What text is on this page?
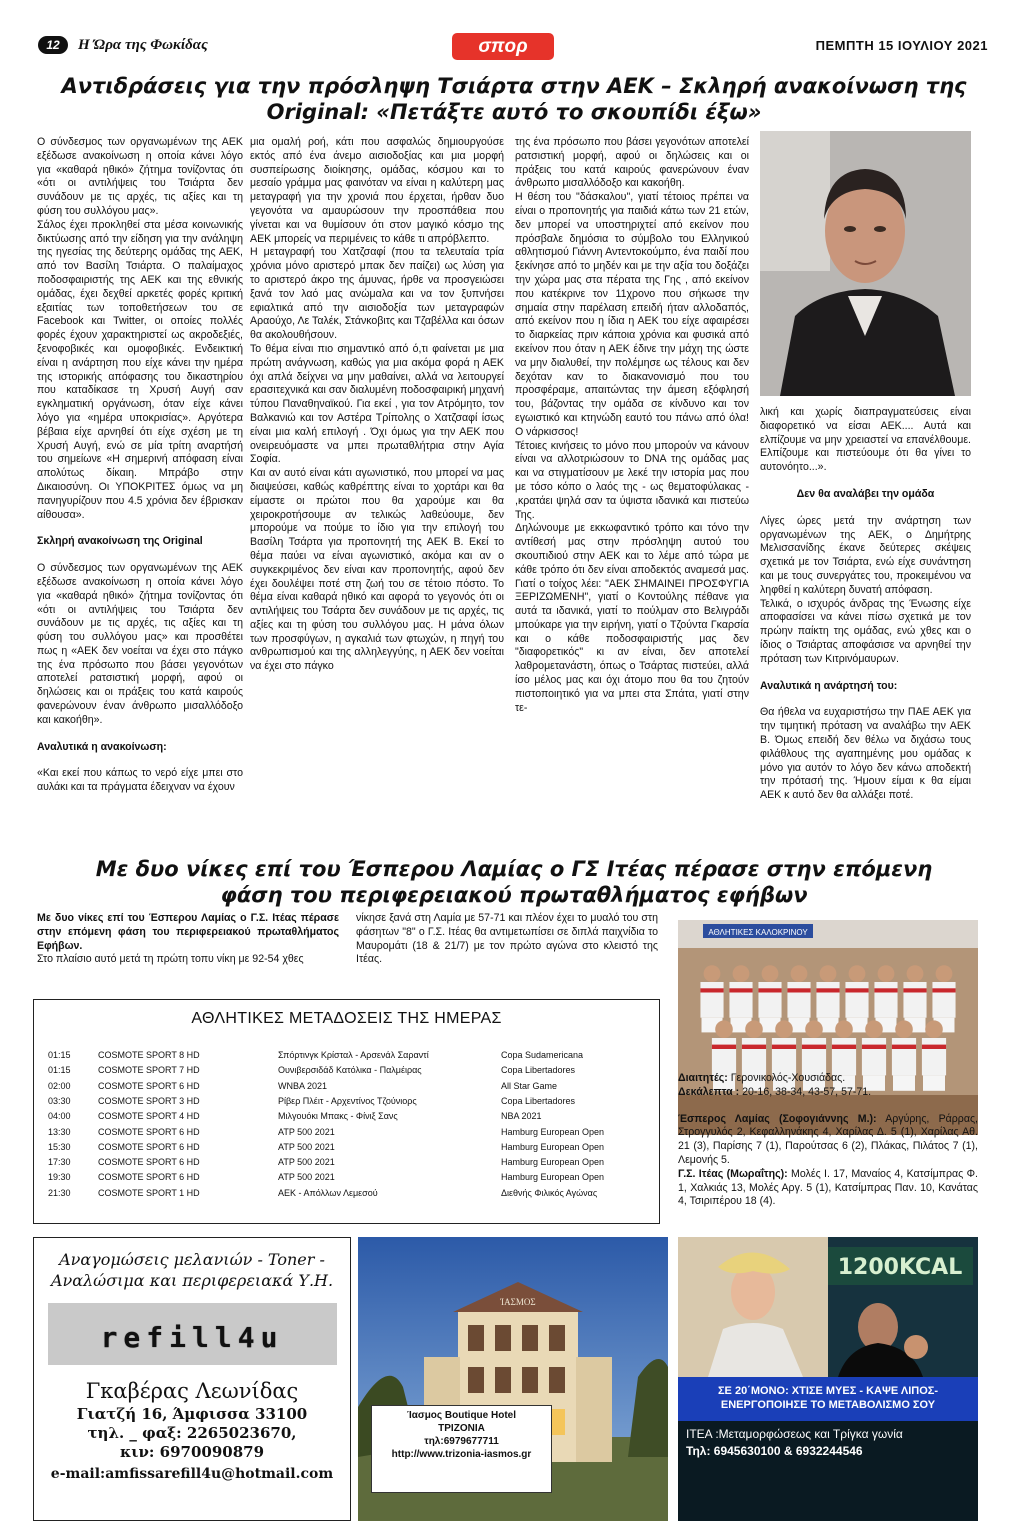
12	Η Ώρα της Φωκίδας	σπορ	ΠΕΜΠΤΗ 15 ΙΟΥΛΙΟΥ 2021
Αντιδράσεις για την πρόσληψη Τσιάρτα στην ΑΕΚ – Σκληρή ανακοίνωση της
Original: «Πετάξτε αυτό το σκουπίδι έξω»

Ο σύνδεσμος των οργανωμένων της ΑΕΚ εξέδωσε ανακοίνωση η οποία κάνει λόγο για «καθαρά ηθικό» ζήτημα τονίζοντας ότι «ότι οι αντιλήψεις του Τσιάρτα δεν συνάδουν με τις αρχές, τις αξίες και τη φύση του συλλόγου μας».

Σάλος έχει προκληθεί στα μέσα κοινωνικής δικτύωσης από την είδηση για την ανάληψη της ηγεσίας της δεύτερης ομάδας της ΑΕΚ, από τον Βασίλη Τσιάρτα. Ο παλαίμαχος ποδοσφαιριστής της ΑΕΚ και της εθνικής ομάδας, έχει δεχθεί αρκετές φορές κριτική εξαιτίας των τοποθετήσεων του σε Facebook και Twitter, οι οποίες πολλές φορές έχουν χαρακτηριστεί ως ακροδεξιές, ξενοφοβικές και ομοφοβικές. Ενδεικτική είναι η ανάρτηση που είχε κάνει την ημέρα της ιστορικής απόφασης του δικαστηρίου που καταδίκασε τη Χρυσή Αυγή σαν εγκληματική οργάνωση, όταν είχε κάνει λόγο για «ημέρα υποκρισίας». Αργότερα βέβαια είχε αρνηθεί ότι είχε σχέση με τη Χρυσή Αυγή, ενώ σε μία τρίτη αναρτήσή του σημείωνε «Η σημερινή απόφαση είναι απολύτως δίκαιη. Μπράβο στην Δικαιοσύνη. Οι ΥΠΟΚΡΙΤΕΣ όμως να μη πανηγυρίζουν που 4.5 χρόνια δεν έβρισκαν αίθουσα».

Σκληρή ανακοίνωση της Original

Ο σύνδεσμος των οργανωμένων της ΑΕΚ εξέδωσε ανακοίνωση η οποία κάνει λόγο για «καθαρά ηθικό» ζήτημα τονίζοντας ότι «ότι οι αντιλήψεις του Τσιάρτα δεν συνάδουν με τις αρχές, τις αξίες και τη φύση του συλλόγου μας» και προσθέτει πως η «ΑΕΚ δεν νοείται να έχει στο πάγκο της ένα πρόσωπο που βάσει γεγονότων αποτελεί ρατσιστική μορφή, αφού οι δηλώσεις και οι πράξεις του κατά καιρούς φανερώνουν έναν άνθρωπο μισαλλόδοξο και κακοήθη».

Αναλυτικά η ανακοίνωση:

«Και εκεί που κάπως το νερό είχε μπει στο αυλάκι και τα πράγματα έδειχναν να έχουν

μια ομαλή ροή, κάτι που ασφαλώς δημιουργούσε εκτός από ένα άνεμο αισιοδοξίας και μια μορφή συσπείρωσης διοίκησης, ομάδας, κόσμου και το μεσαίο γράμμα μας φαινόταν να είναι η καλύτερη μας μεταγραφή για την χρονιά που έρχεται, ήρθαν δυο γεγονότα να αμαυρώσουν την προσπάθεια που γίνεται και να θυμίσουν ότι στον μαγικό κόσμο της ΑΕΚ μπορείς να περιμένεις το κάθε τι απρόβλεπτο.

Η μεταγραφή του Χατζσαφί (που τα τελευταία τρία χρόνια μόνο αριστερό μπακ δεν παίζει) ως λύση για το αριστερό άκρο της άμυνας, ήρθε να προσγειώσει ξανά τον λαό μας ανώμαλα και να τον ξυπνήσει εφιαλτικά από την αισιοδοξία των μεταγραφών Αραούχο, Λε Ταλέκ, Στάνκοβιτς και Τζαβέλλα και όσων θα ακολουθήσουν.

Το θέμα είναι πιο σημαντικό από ό,τι φαίνεται με μια πρώτη ανάγνωση, καθώς για μια ακόμα φορά η ΑΕΚ όχι απλά δείχνει να μην μαθαίνει, αλλά να λειτουργεί ερασιτεχνικά και σαν διαλυμένη ποδοσφαιρική μηχανή τύπου Παναθηναϊκού. Για εκεί , για τον Ατρόμητο, τον Βαλκανιώ και τον Αστέρα Τρίπολης ο Χατζσαφί ίσως είναι μια καλή επιλογή . Όχι όμως για την ΑΕΚ που ονειρευόμαστε να μπει πρωταθλήτρια στην Αγία Σοφία.

Και αν αυτό είναι κάτι αγωνιστικό, που μπορεί να μας διαψεύσει, καθώς καθρέπτης είναι το χορτάρι και θα είμαστε οι πρώτοι που θα χαρούμε και θα χειροκροτήσουμε αν τελικώς λαθεύουμε, δεν μπορούμε να πούμε το ίδιο για την επιλογή του Βασίλη Τσάρτα για προπονητή της ΑΕΚ Β. Εκεί το θέμα παύει να είναι αγωνιστικό, ακόμα και αν ο συγκεκριμένος δεν είναι καν προπονητής, αφού δεν έχει δουλέψει ποτέ στη ζωή του σε τέτοιο πόστο. Το θέμα είναι καθαρά ηθικό και αφορά το γεγονός ότι οι αντιλήψεις του Τσάρτα δεν συνάδουν με τις αρχές, τις αξίες και τη φύση του συλλόγου μας. Η μάνα όλων των προσφύγων, η αγκαλιά των φτωχών, η πηγή του ανθρωπισμού και της αλληλεγγύης, η ΑΕΚ δεν νοείται να έχει στο πάγκο

της ένα πρόσωπο που βάσει γεγονότων αποτελεί ρατσιστική μορφή, αφού οι δηλώσεις και οι πράξεις του κατά καιρούς φανερώνουν έναν άνθρωπο μισαλλόδοξο και κακοήθη.

Η θέση του "δάσκαλου", γιατί τέτοιος πρέπει να είναι ο προπονητής για παιδιά κάτω των 21 ετών, δεν μπορεί να υποστηριχτεί από εκείνον που πρόσβαλε δημόσια το σύμβολο του Ελληνικού αθλητισμού Γιάννη Αντεντοκούμπο, ένα παιδί που ξεκίνησε από το μηδέν και με την αξία του δοξάζει την χώρα μας στα πέρατα της Γης , από εκείνον που κατέκρινε τον 11χρονο που σήκωσε την σημαία στην παρέλαση επειδή ήταν αλλοδαπός, από εκείνον που η ίδια η ΑΕΚ του είχε αφαιρέσει το διαρκείας πριν κάποια χρόνια και φυσικά από εκείνον που όταν η ΑΕΚ έδινε την μάχη της ώστε να μην διαλυθεί, την πολέμησε ως τέλους και δεν δεχόταν καν το διακανονισμό που του προσφέραμε, απαιτώντας την άμεση εξόφλησή του, βάζοντας την ομάδα σε κίνδυνο και τον εγωιστικό και κτηνώδη εαυτό του πάνω από όλα! Ο νάρκισσος!

Τέτοιες κινήσεις το μόνο που μπορούν να κάνουν είναι να αλλοτριώσουν το DNA της ομάδας μας και να στιγματίσουν με λεκέ την ιστορία μας που με τόσο κόπο ο λαός της - ως θεματοφύλακας - ,κρατάει ψηλά σαν τα ύψιστα ιδανικά και πιστεύω Της.

Δηλώνουμε με εκκωφαντικό τρόπο και τόνο την αντίθεσή μας στην πρόσληψη αυτού του σκουπιδιού στην ΑΕΚ και το λέμε από τώρα με κάθε τρόπο ότι δεν είναι αποδεκτός αναμεσά μας. Γιατί ο τοίχος λέει: "ΑΕΚ ΣΗΜΑΙΝΕΙ ΠΡΟΣΦΥΓΙΑ ΞΕΡΙΖΩΜΕΝΗ", γιατί ο Κοντούλης πέθανε για αυτά τα ιδανικά, γιατί το πούλμαν στο Βελιγράδι μπούκαρε για την ειρήνη, γιατί ο Τζούντα Γκαρσία και ο κάθε ποδοσφαιριστής μας δεν "διαφορετικός" κι αν είναι, δεν αποτελεί λαθρομετανάστη, όπως ο Τσάρτας πιστεύει, αλλά ίσο μέλος μας και όχι άτομο που θα του ζητούν πιστοποιητικό για να μπει στα Σπάτα, γιατί στην τε-

λική και χωρίς διαπραγματεύσεις είναι διαφορετικό να είσαι ΑΕΚ.... Αυτά και ελπίζουμε να μην χρειαστεί να επανέλθουμε. Ελπίζουμε και πιστεύουμε ότι θα γίνει το αυτονόητο...».

Δεν θα αναλάβει την ομάδα

Λίγες ώρες μετά την ανάρτηση των οργανωμένων της ΑΕΚ, ο Δημήτρης Μελισσανίδης έκανε δεύτερες σκέψεις σχετικά με τον Τσιάρτα, ενώ είχε συνάντηση και με τους συνεργάτες του, προκειμένου να ληφθεί η καλύτερη δυνατή απόφαση.

Τελικά, ο ισχυρός άνδρας της Ένωσης είχε αποφασίσει να κάνει πίσω σχετικά με τον πρώην παίκτη της ομάδας, ενώ χθες και ο ίδιος ο Τσιάρτας αποφάσισε να αρνηθεί την πρόταση των Κιτρινόμαυρων.

Αναλυτικά η ανάρτησή του:

Θα ήθελα να ευχαριστήσω την ΠΑΕ ΑΕΚ για την τιμητική πρόταση να αναλάβω την ΑΕΚ Β. Όμως επειδή δεν θέλω να διχάσω τους φιλάθλους της αγαπημένης μου ομάδας κ μόνο για αυτόν το λόγο δεν κάνω αποδεκτή την πρότασή της. Ήμουν είμαι κ θα είμαι ΑΕΚ κ αυτό δεν θα αλλάξει ποτέ.

Με δυο νίκες επί του Έσπερου Λαμίας ο ΓΣ Ιτέας πέρασε στην επόμενη
φάση του περιφερειακού πρωταθλήματος εφήβων

Με δυο νίκες επί του Έσπερου Λαμίας ο Γ.Σ. Ιτέας πέρασε στην επόμενη φάση του περιφερειακού πρωταθλήματος Εφήβων.

Στο πλαίσιο αυτό μετά τη πρώτη τοπυ νίκη με 92-54 χθες

νίκησε ξανά στη Λαμία με 57-71 και πλέον έχει το μυαλό του στη φάσητων "8" ο Γ.Σ. Ιτέας θα αντιμετωπίσει σε διπλά παιχνίδια το Μαυρομάτι (18 & 21/7) με τον πρώτο αγώνα στο κλειστό της Ιτέας.

ΑΘΛΗΤΙΚΕΣ ΚΑΛΟΚΡΙΝΟΥ

Διαιτητές: Γερονικολός-Χουσιάδας.

Δεκάλεπτα : 20-16, 38-34, 43-57, 57-71.

Έσπερος Λαμίας (Σοφογιάννης Μ.): Αργύρης, Ράρρας, Στρογγυλός 2, Κεφαλληνάκης 4, Χαρίλας Δ. 5 (1), Χαρίλας Αθ. 21 (3), Παρίσης 7 (1), Παρούτσας 6 (2), Πλάκας, Πιλάτος 7 (1), Λεμονής 5.

Γ.Σ. Ιτέας (Μωραΐτης): Μολές Ι. 17, Μαναίος 4, Κατσίμπρας Φ. 1, Χαλκιάς 13, Μολές Αργ. 5 (1), Κατσίμπρας Παν. 10, Κανάτας 4, Τσιριπέρου 18 (4).

ΑΘΛΗΤΙΚΕΣ ΜΕΤΑΔΟΣΕΙΣ ΤΗΣ ΗΜΕΡΑΣ
01:15	COSMOTE SPORT 8 HD	Σπόρτινγκ Κρίσταλ - Αρσενάλ Σαραντί	Copa Sudamericana
01:15	COSMOTE SPORT 7 HD	Ουνιβερσιδάδ Κατόλικα - Παλμέιρας	Copa Libertadores
02:00	COSMOTE SPORT 6 HD	WNBA 2021	All Star Game
03:30	COSMOTE SPORT 3 HD	Ρίβερ Πλέιτ - Αρχεντίνος Τζούνιορς	Copa Libertadores
04:00	COSMOTE SPORT 4 HD	Μιλγουόκι Μπακς - Φίνιξ Σανς	NBA 2021
13:30	COSMOTE SPORT 6 HD	ATP 500 2021	Hamburg European Open
15:30	COSMOTE SPORT 6 HD	ATP 500 2021	Hamburg European Open
17:30	COSMOTE SPORT 6 HD	ATP 500 2021	Hamburg European Open
19:30	COSMOTE SPORT 6 HD	ATP 500 2021	Hamburg European Open
21:30	COSMOTE SPORT 1 HD	ΑΕΚ - Απόλλων Λεμεσού	Διεθνής Φιλικός Αγώνας
Αναγομώσεις μελανιών - Toner -
Αναλώσιμα και περιφερειακά Υ.Η.
refill4u
Γκαβέρας Λεωνίδας
Γιατζή 16, Άμφισσα 33100
τηλ. _ φαξ: 2265023670,
κιν: 6970090879
e-mail:amfissarefill4u@hotmail.com
ΊΑΣΜΟΣ
Ίασμος Boutique Hotel
ΤΡΙΖΟΝΙΑ
τηλ:6979677711
http://www.trizonia-iasmos.gr
1200KCAL
ΣΕ 20΄ΜΟΝΟ: ΧΤΙΣΕ ΜΥΕΣ - ΚΑΨΕ ΛΙΠΟΣ-ΕΝΕΡΓΟΠΟΙΗΣΕ ΤΟ ΜΕΤΑΒΟΛΙΣΜΟ ΣΟΥ
ΙΤΕΑ :Μεταμορφώσεως και Τρίγκα γωνία
Τηλ: 6945630100 & 6932244546
